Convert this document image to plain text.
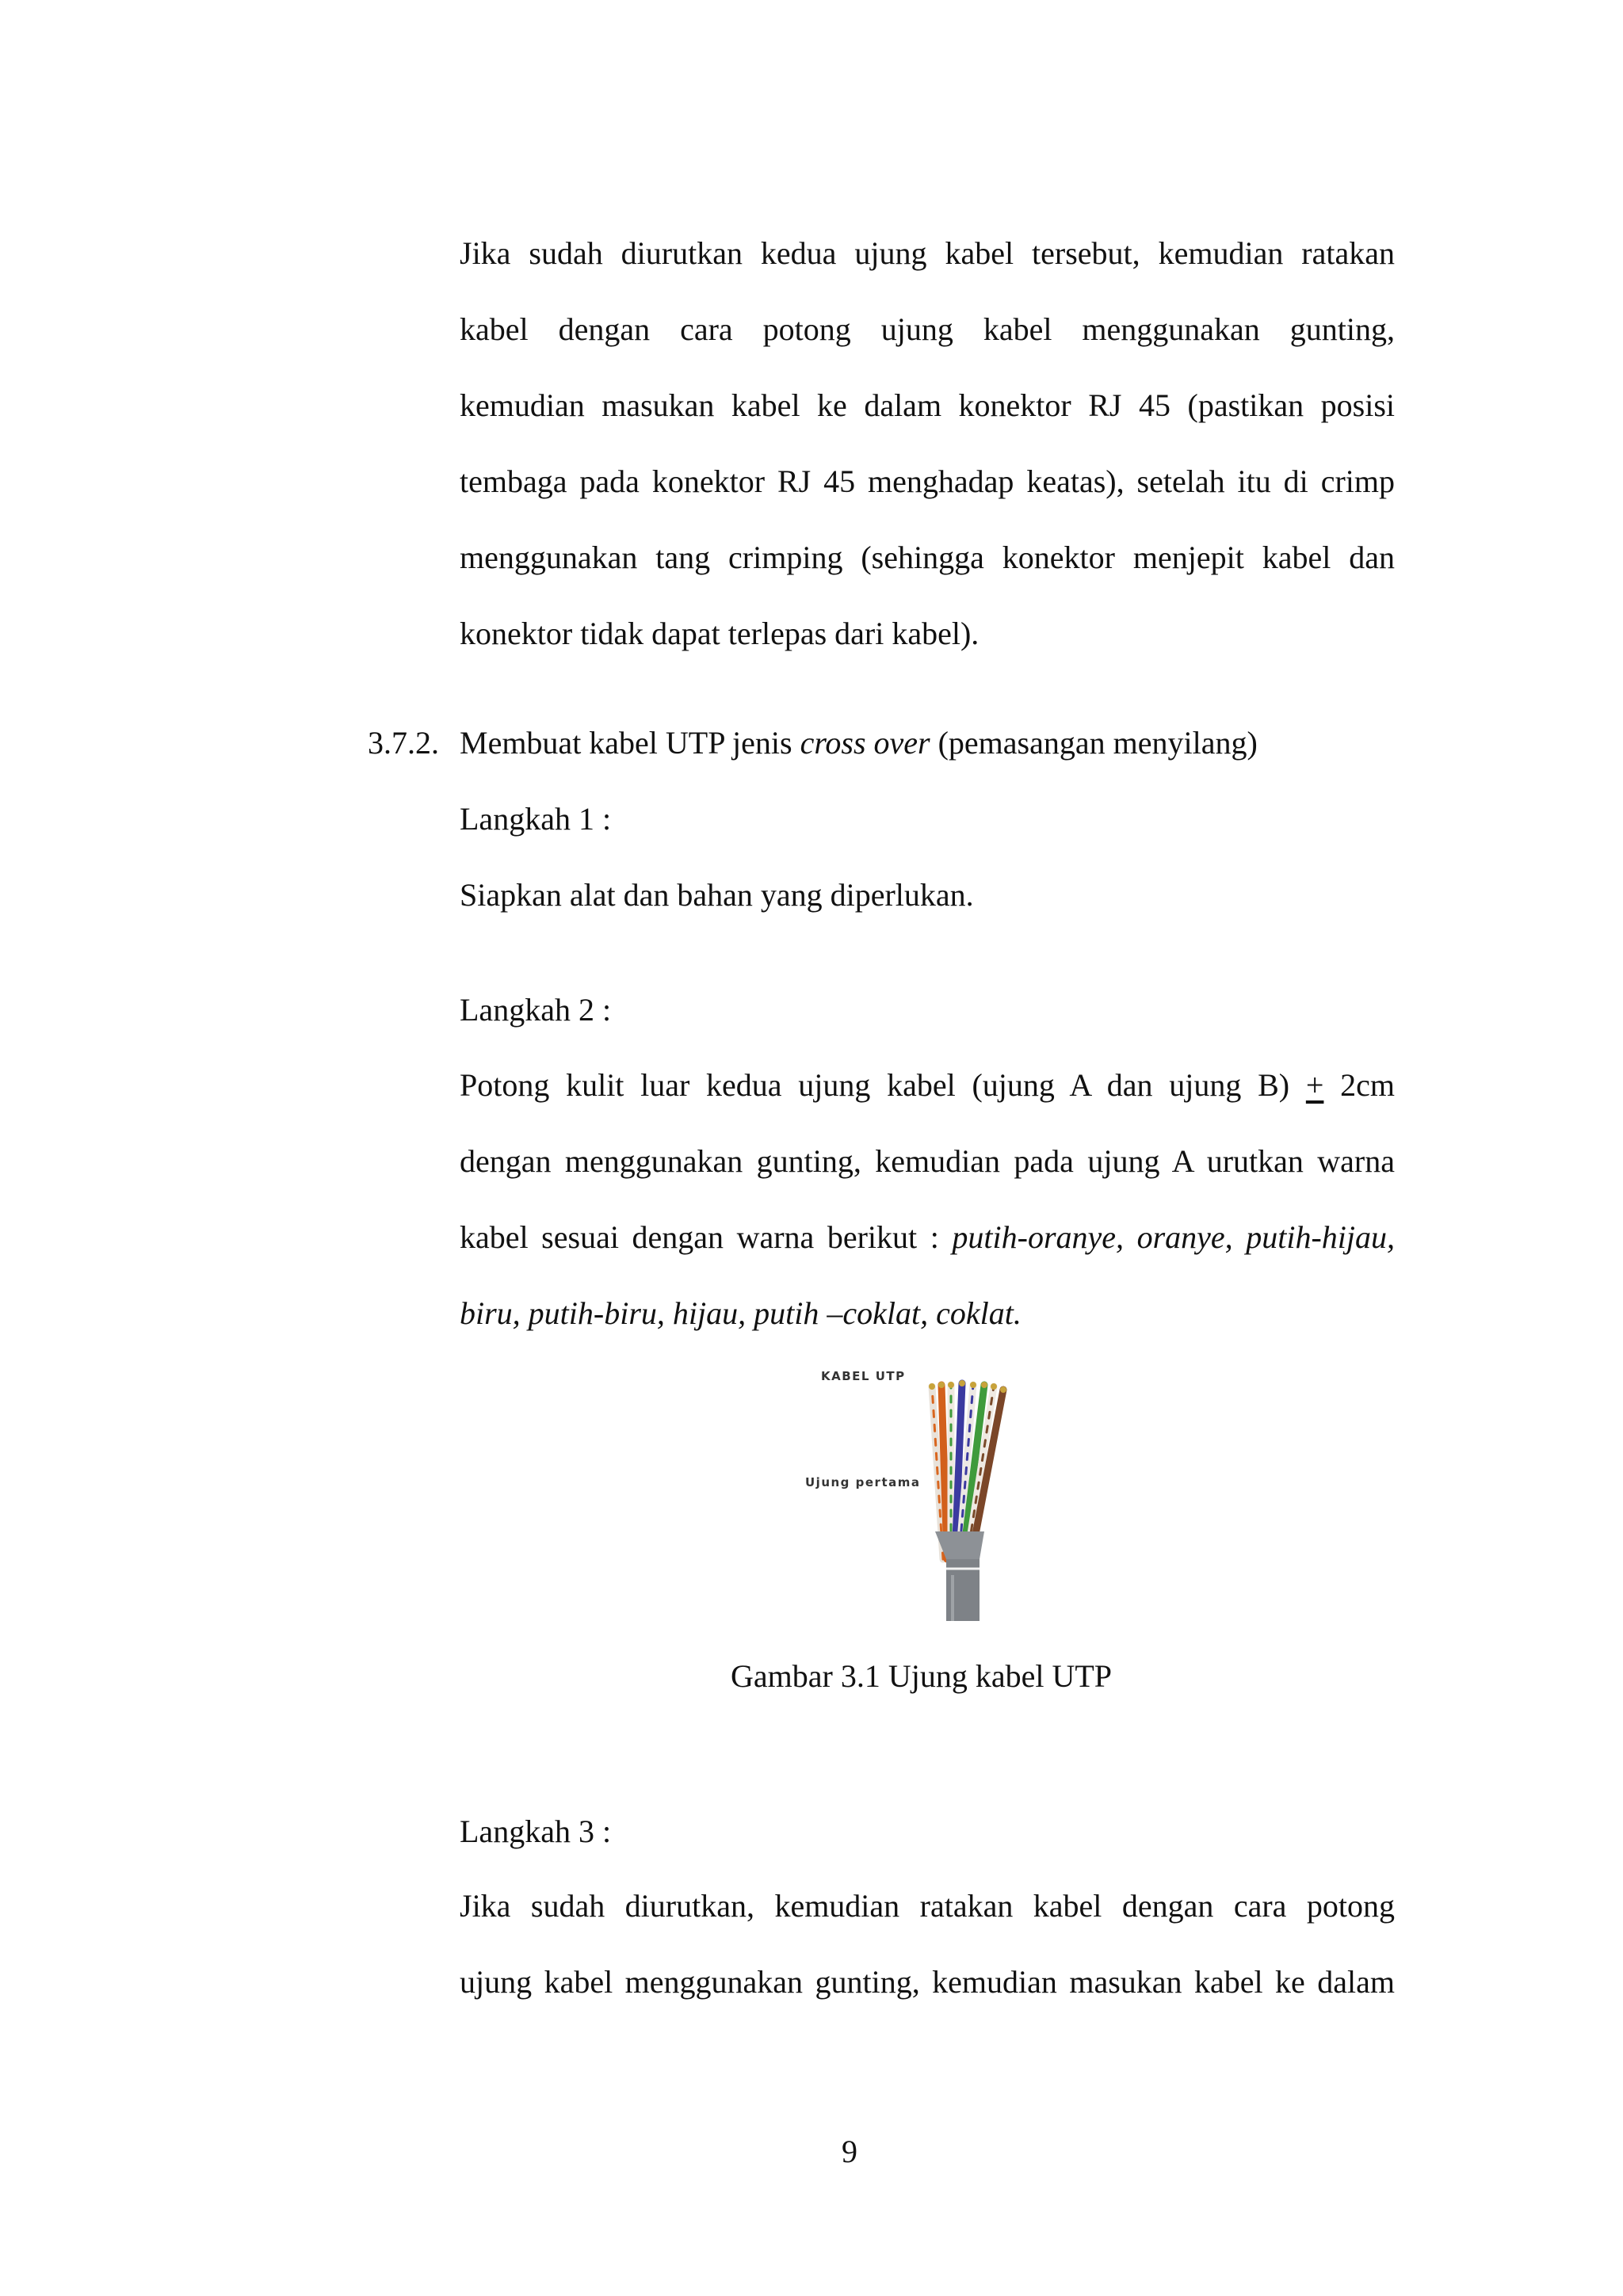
Jika sudah diurutkan kedua ujung kabel tersebut, kemudian ratakan
kabel dengan cara potong ujung kabel menggunakan gunting,
kemudian masukan kabel ke dalam konektor RJ 45 (pastikan posisi
tembaga pada konektor RJ 45 menghadap keatas), setelah itu di crimp
menggunakan tang crimping (sehingga konektor menjepit kabel dan
konektor tidak dapat terlepas dari kabel).

3.7.2. Membuat kabel UTP jenis cross over (pemasangan menyilang)

Langkah 1 :

Siapkan alat dan bahan yang diperlukan.

Langkah 2 :

Potong kulit luar kedua ujung kabel (ujung A dan ujung B) + 2cm
dengan menggunakan gunting, kemudian pada ujung A urutkan warna
kabel sesuai dengan warna berikut : putih-oranye, oranye, putih-hijau,
biru, putih-biru, hijau, putih –coklat, coklat.
KABEL UTP
Ujung pertama

Gambar 3.1 Ujung kabel UTP

Langkah 3 :

Jika sudah diurutkan, kemudian ratakan kabel dengan cara potong
ujung kabel menggunakan gunting, kemudian masukan kabel ke dalam

9
